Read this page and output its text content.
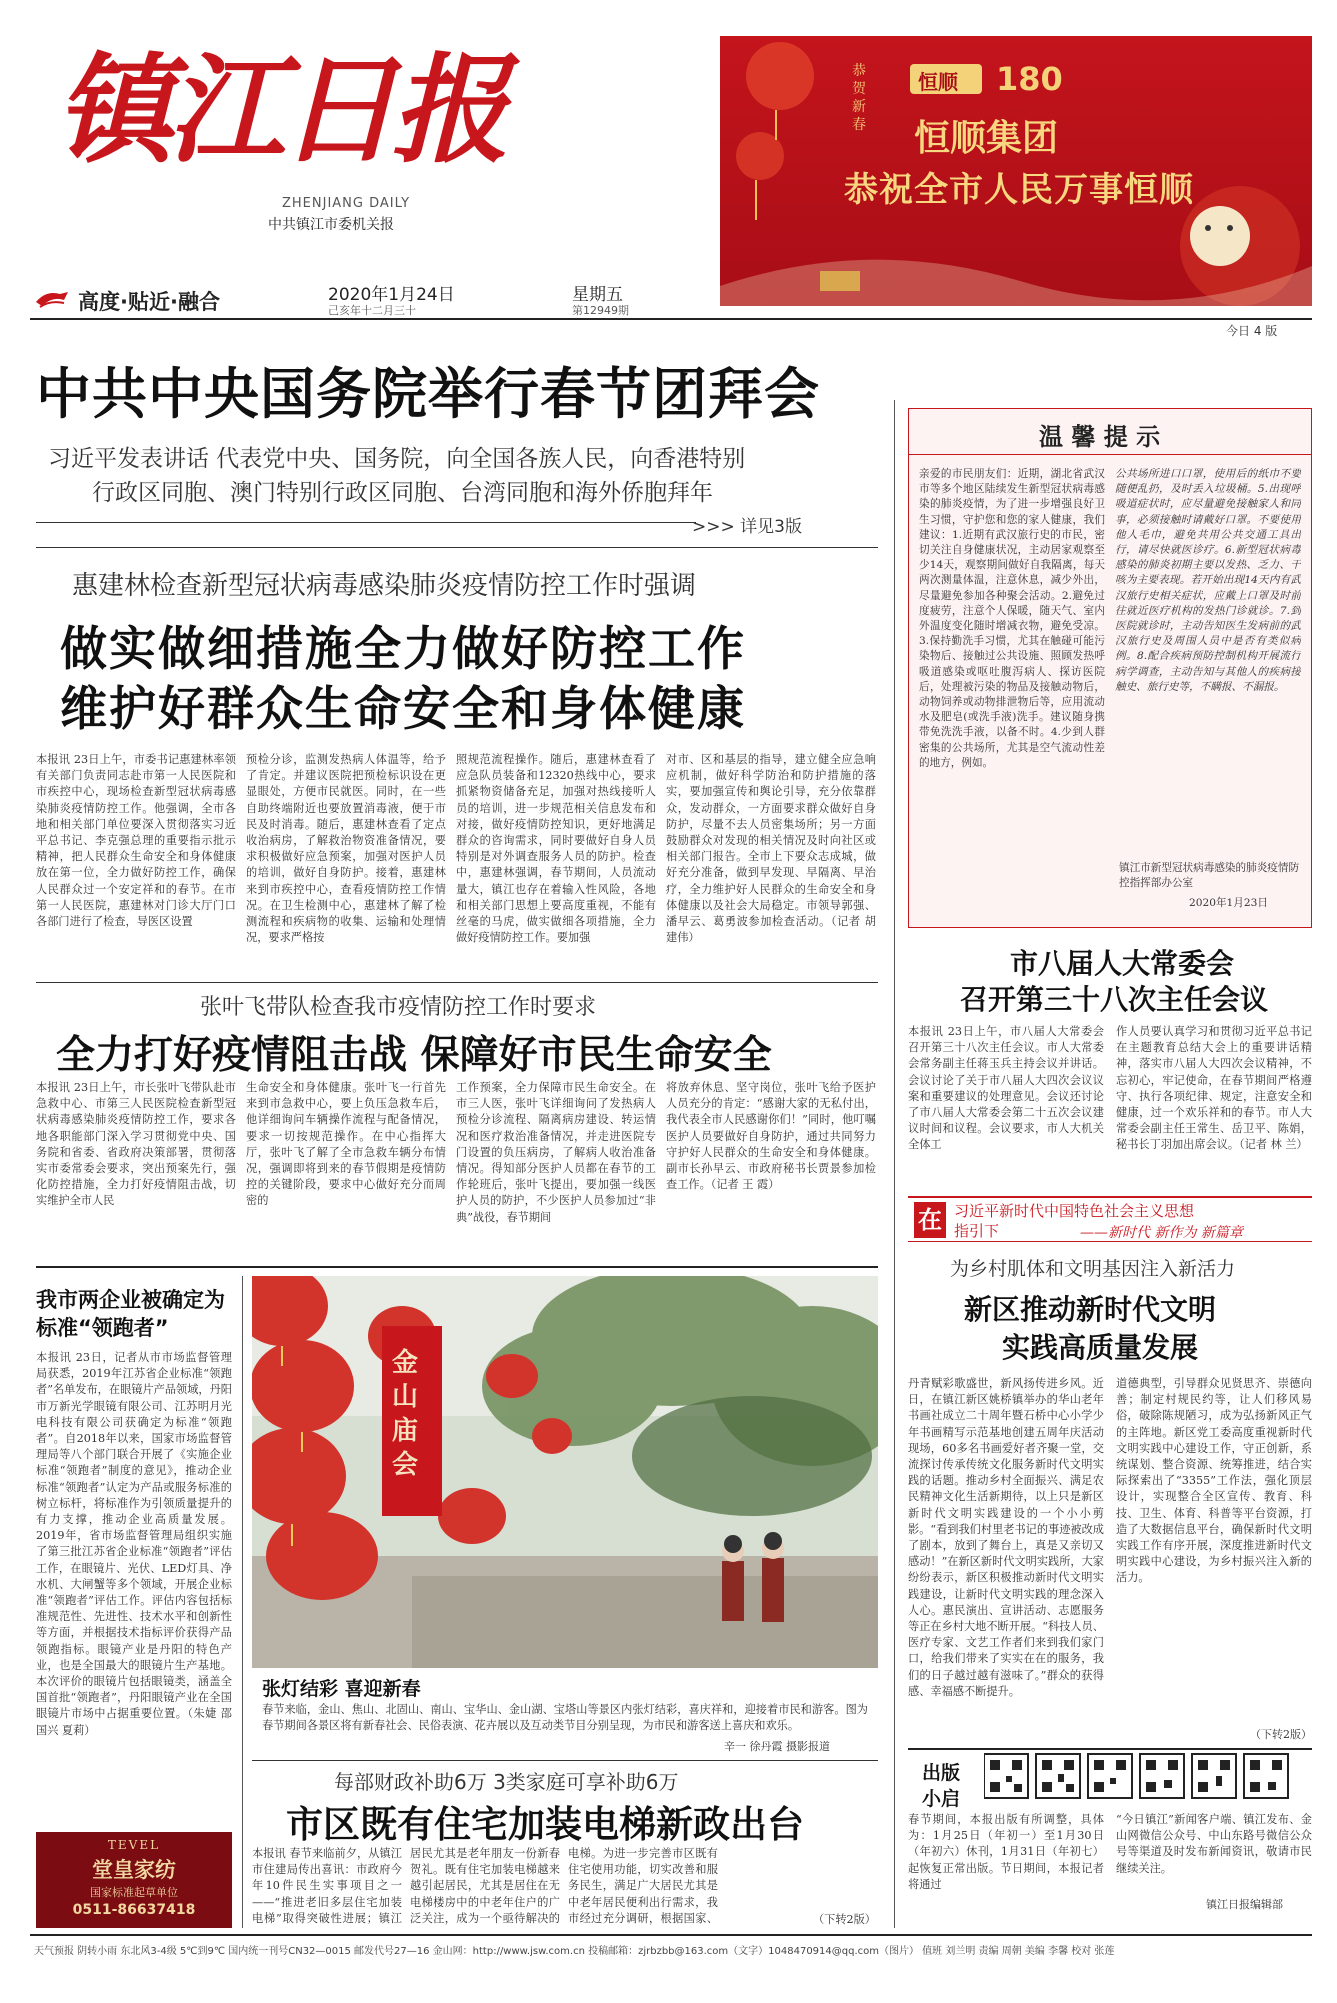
镇江日报
ZHENJIANG DAILY
中共镇江市委机关报
高度·贴近·融合	2020年1月24日
己亥年十二月三十
星期五
第12949期
恒顺 180
恒顺集团
恭祝全市人民万事恒顺
恭贺新春
今日 4 版
中共中央国务院举行春节团拜会
习近平发表讲话 代表党中央、国务院，向全国各族人民，向香港特别
行政区同胞、澳门特别行政区同胞、台湾同胞和海外侨胞拜年
>>> 详见3版
惠建林检查新型冠状病毒感染肺炎疫情防控工作时强调
做实做细措施全力做好防控工作
维护好群众生命安全和身体健康
本报讯 23日上午，市委书记惠建林率领有关部门负责同志赴市第一人民医院和市疾控中心，现场检查新型冠状病毒感染肺炎疫情防控工作。他强调，全市各地和相关部门单位要深入贯彻落实习近平总书记、李克强总理的重要指示批示精神，把人民群众生命安全和身体健康放在第一位，全力做好防控工作，确保人民群众过一个安定祥和的春节。在市第一人民医院，惠建林对门诊大厅门口各部门进行了检查，导医区设置
预检分诊，监测发热病人体温等，给予了肯定。并建议医院把预检标识设在更显眼处，方便市民就医。同时，在一些自助终端附近也要放置消毒液，便于市民及时消毒。随后，惠建林查看了定点收治病房，了解救治物资准备情况，要求积极做好应急预案，加强对医护人员的培训，做好自身防护。接着，惠建林来到市疾控中心，查看疫情防控工作情况。在卫生检测中心，惠建林了解了检测流程和疾病物的收集、运输和处理情况，要求严格按
照规范流程操作。随后，惠建林查看了应急队员装备和12320热线中心，要求抓紧物资储备充足，加强对热线接听人员的培训，进一步规范相关信息发布和对接，做好疫情防控知识，更好地满足群众的咨询需求，同时要做好自身人员特别是对外调查服务人员的防护。检查中，惠建林强调，春节期间，人员流动量大，镇江也存在着输入性风险，各地和相关部门思想上要高度重视，不能有丝毫的马虎，做实做细各项措施，全力做好疫情防控工作。要加强
对市、区和基层的指导，建立健全应急响应机制，做好科学防治和防护措施的落实，要加强宣传和舆论引导，充分依靠群众，发动群众，一方面要求群众做好自身防护，尽量不去人员密集场所；另一方面鼓励群众对发现的相关情况及时向社区或相关部门报告。全市上下要众志成城，做好充分准备，做到早发现、早隔离、早治疗，全力维护好人民群众的生命安全和身体健康以及社会大局稳定。市领导郭强、潘早云、葛勇波参加检查活动。（记者 胡建伟）
张叶飞带队检查我市疫情防控工作时要求
全力打好疫情阻击战 保障好市民生命安全
本报讯 23日上午，市长张叶飞带队赴市急救中心、市第三人民医院检查新型冠状病毒感染肺炎疫情防控工作，要求各地各职能部门深入学习贯彻党中央、国务院和省委、省政府决策部署，贯彻落实市委常委会要求，突出预案先行，强化防控措施，全力打好疫情阻击战，切实维护全市人民
生命安全和身体健康。张叶飞一行首先来到市急救中心，要上负压急救车后，他详细询问车辆操作流程与配备情况，要求一切按规范操作。在中心指挥大厅，张叶飞了解了全市急救车辆分布情况，强调即将到来的春节假期是疫情防控的关键阶段，要求中心做好充分而周密的
工作预案，全力保障市民生命安全。在市三人医，张叶飞详细询问了发热病人预检分诊流程、隔离病房建设、转运情况和医疗救治准备情况，并走进医院专门设置的负压病房，了解病人收治准备情况。得知部分医护人员都在春节的工作轮班后，张叶飞提出，要加强一线医护人员的防护，不少医护人员参加过“非典”战役，春节期间
将放弃休息、坚守岗位，张叶飞给予医护人员充分的肯定：“感谢大家的无私付出，我代表全市人民感谢你们！”同时，他叮嘱医护人员要做好自身防护，通过共同努力守护好人民群众的生命安全和身体健康。副市长孙早云、市政府秘书长贾景参加检查工作。（记者 王 霞）
温 馨 提 示
亲爱的市民朋友们：近期，湖北省武汉市等多个地区陆续发生新型冠状病毒感染的肺炎疫情，为了进一步增强良好卫生习惯，守护您和您的家人健康，我们建议：1.近期有武汉旅行史的市民，密切关注自身健康状况，主动居家观察至少14天，观察期间做好自我隔离，每天两次测量体温，注意休息，减少外出，尽量避免参加各种聚会活动。2.避免过度疲劳，注意个人保暖，随天气、室内外温度变化随时增减衣物，避免受凉。3.保持勤洗手习惯，尤其在触碰可能污染物后、接触过公共设施、照顾发热呼吸道感染或呕吐腹泻病人、探访医院后，处理被污染的物品及接触动物后，动物饲养或动物排泄物后等，应用流动水及肥皂(或洗手液)洗手。建议随身携带免洗洗手液，以备不时。4.少到人群密集的公共场所，尤其是空气流动性差的地方，例如。
公共场所进口口罩，使用后的纸巾不要随便乱扔，及时丢入垃圾桶。5.出现呼吸道症状时，应尽量避免接触家人和同事，必须接触时请戴好口罩。不要使用他人毛巾，避免共用公共交通工具出行，请尽快就医诊疗。6.新型冠状病毒感染的肺炎初期主要以发热、乏力、干咳为主要表现。若开始出现14天内有武汉旅行史相关症状，应戴上口罩及时前往就近医疗机构的发热门诊就诊。7.到医院就诊时，主动告知医生发病前的武汉旅行史及周围人员中是否有类似病例。8.配合疾病预防控制机构开展流行病学调查，主动告知与其他人的疾病接触史、旅行史等，不瞒报、不漏报。
镇江市新型冠状病毒感染的肺炎疫情防控指挥部办公室
2020年1月23日
市八届人大常委会
召开第三十八次主任会议
本报讯 23日上午，市八届人大常委会召开第三十八次主任会议。市人大常委会常务副主任蒋玉兵主持会议并讲话。会议讨论了关于市八届人大四次会议议案和重要建议的处理意见。会议还讨论了市八届人大常委会第二十五次会议建议时间和议程。会议要求，市人大机关全体工
作人员要认真学习和贯彻习近平总书记在主题教育总结大会上的重要讲话精神，落实市八届人大四次会议精神，不忘初心，牢记使命，在春节期间严格遵守、执行各项纪律、规定，注意安全和健康，过一个欢乐祥和的春节。市人大常委会副主任王常生、岳卫平、陈娟，秘书长丁羽加出席会议。（记者 林 兰）
在 习近平新时代中国特色社会主义思想
指引下	——新时代 新作为 新篇章
为乡村肌体和文明基因注入新活力
新区推动新时代文明
实践高质量发展
丹青赋彩歌盛世，新风扬传进乡风。近日，在镇江新区姚桥镇举办的华山老年书画社成立二十周年暨石桥中心小学少年书画精写示范基地创建五周年庆活动现场，60多名书画爱好者齐聚一堂，交流探讨传承传统文化服务新时代文明实践的话题。推动乡村全面振兴、满足农民精神文化生活新期待，以上只是新区新时代文明实践建设的一个小小剪影。“看到我们村里老书记的事迹被改成了剧本，放到了舞台上，真是又亲切又感动！”在新区新时代文明实践所，大家纷纷表示，新区积极推动新时代文明实践建设，让新时代文明实践的理念深入人心。惠民演出、宣讲活动、志愿服务等正在乡村大地不断开展。“科技人员、医疗专家、文艺工作者们来到我们家门口，给我们带来了实实在在的服务，我们的日子越过越有滋味了。”群众的获得感、幸福感不断提升。
道德典型，引导群众见贤思齐、崇德向善；制定村规民约等，让人们移风易俗，破除陈规陋习，成为弘扬新风正气的主阵地。新区党工委高度重视新时代文明实践中心建设工作，守正创新，系统谋划、整合资源、统筹推进，结合实际探索出了“3355”工作法，强化顶层设计，实现整合全区宣传、教育、科技、卫生、体育、科普等平台资源，打造了大数据信息平台，确保新时代文明实践工作有序开展，深度推进新时代文明实践中心建设，为乡村振兴注入新的活力。
（下转2版）
出版
小启
春节期间，本报出版有所调整，具体为：1月25日（年初一）至1月30日（年初六）休刊，1月31日（年初七）起恢复正常出版。节日期间，本报记者将通过
“今日镇江”新闻客户端、镇江发布、金山网微信公众号、中山东路号微信公众号等渠道及时发布新闻资讯，敬请市民继续关注。
镇江日报编辑部
我市两企业被确定为
标准“领跑者”
本报讯 23日，记者从市市场监督管理局获悉，2019年江苏省企业标准“领跑者”名单发布，在眼镜片产品领域，丹阳市万新光学眼镜有限公司、江苏明月光电科技有限公司获确定为标准“领跑者”。自2018年以来，国家市场监督管理局等八个部门联合开展了《实施企业标准“领跑者”制度的意见》，推动企业标准“领跑者”认定为产品或服务标准的树立标杆，将标准作为引领质量提升的有力支撑，推动企业高质量发展。2019年，省市场监督管理局组织实施了第三批江苏省企业标准“领跑者”评估工作，在眼镜片、光伏、LED灯具、净水机、大闸蟹等多个领域，开展企业标准“领跑者”评估工作。评估内容包括标准规范性、先进性、技术水平和创新性等方面，并根据技术指标评价获得产品领跑指标。眼镜产业是丹阳的特色产业，也是全国最大的眼镜片生产基地。本次评价的眼镜片包括眼镜类，涵盖全国首批“领跑者”，丹阳眼镜产业在全国眼镜片市场中占据重要位置。（朱婕 邵国兴 夏莉）
TEVEL
堂皇家纺
国家标准起草单位
0511-86637418
金山庙会
张灯结彩 喜迎新春
春节来临，金山、焦山、北固山、南山、宝华山、金山湖、宝塔山等景区内张灯结彩，喜庆祥和，迎接着市民和游客。图为春节期间各景区将有新春社会、民俗表演、花卉展以及互动类节目分别呈现，为市民和游客送上喜庆和欢乐。
辛一 徐丹霞 摄影报道
每部财政补助6万 3类家庭可享补助6万
市区既有住宅加装电梯新政出台
本报讯 春节来临前夕，从镇江市住建局传出喜讯：市政府今年10件民生实事项目之一——“推进老旧多层住宅加装电梯”取得突破性进展；镇江
居民尤其是老年朋友一份新春贺礼。既有住宅加装电梯越来越引起居民，尤其是居住在无电梯楼房中的中老年住户的广泛关注，成为一个亟待解决的
电梯。为进一步完善市区既有住宅使用功能，切实改善和服务民生，满足广大居民尤其是中老年居民便利出行需求，我市经过充分调研，根据国家、	（下转2版）
天气预报 阴转小雨 东北风3-4级 5℃到9℃ 国内统一刊号CN32—0015 邮发代号27—16 金山网：http://www.jsw.com.cn 投稿邮箱：zjrbzbb@163.com（文字）1048470914@qq.com（图片） 值班 刘兰明 责编 周朝 美编 李馨 校对 张莲
